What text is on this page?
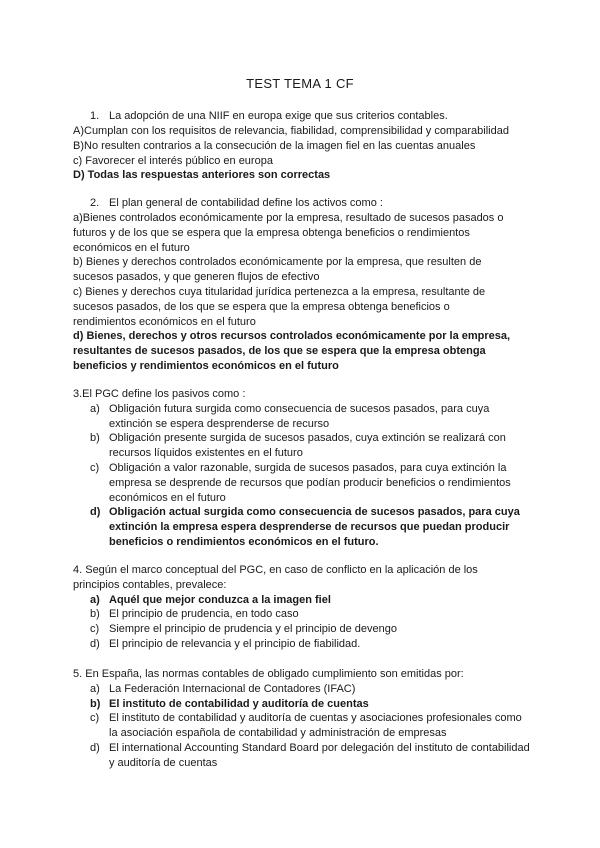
TEST TEMA 1 CF
1. La adopción de una NIIF en europa exige que sus criterios contables.
A)Cumplan con los requisitos de relevancia, fiabilidad, comprensibilidad y comparabilidad
B)No resulten contrarios a la consecución de la imagen fiel en las cuentas anuales
c) Favorecer el interés público en europa
D) Todas las respuestas anteriores son correctas
2. El plan general de contabilidad define los activos como :
a)Bienes controlados económicamente por la empresa, resultado de sucesos pasados o futuros y de los que se espera que la empresa obtenga beneficios o rendimientos económicos en el futuro
b) Bienes y derechos controlados económicamente por la empresa, que resulten de sucesos pasados, y que generen flujos de efectivo
c) Bienes y derechos cuya titularidad jurídica pertenezca a la empresa, resultante de sucesos pasados, de los que se espera que la empresa obtenga beneficios o rendimientos económicos en el futuro
d) Bienes, derechos y otros recursos controlados económicamente por la empresa, resultantes de sucesos pasados, de los que se espera que la empresa obtenga beneficios y rendimientos económicos en el futuro
3.El PGC define los pasivos como :
a) Obligación futura surgida como consecuencia de sucesos pasados, para cuya extinción se espera desprenderse de recurso
b) Obligación presente surgida de sucesos pasados, cuya extinción se realizará con recursos líquidos existentes en el futuro
c) Obligación a valor razonable, surgida de sucesos pasados, para cuya extinción la empresa se desprende de recursos que podían producir beneficios o rendimientos económicos en el futuro
d) Obligación actual surgida como consecuencia de sucesos pasados, para cuya extinción la empresa espera desprenderse de recursos que puedan producir beneficios o rendimientos económicos en el futuro.
4. Según el marco conceptual del PGC, en caso de conflicto en la aplicación de los principios contables, prevalece:
a) Aquél que mejor conduzca a la imagen fiel
b) El principio de prudencia, en todo caso
c) Siempre el principio de prudencia y el principio de devengo
d) El principio de relevancia y el principio de fiabilidad.
5. En España, las normas contables de obligado cumplimiento son emitidas por:
a) La Federación Internacional de Contadores (IFAC)
b) El instituto de contabilidad y auditoría de cuentas
c) El instituto de contabilidad y auditoría de cuentas y asociaciones profesionales como la asociación española de contabilidad y administración de empresas
d) El international Accounting Standard Board por delegación del instituto de contabilidad y auditoría de cuentas
